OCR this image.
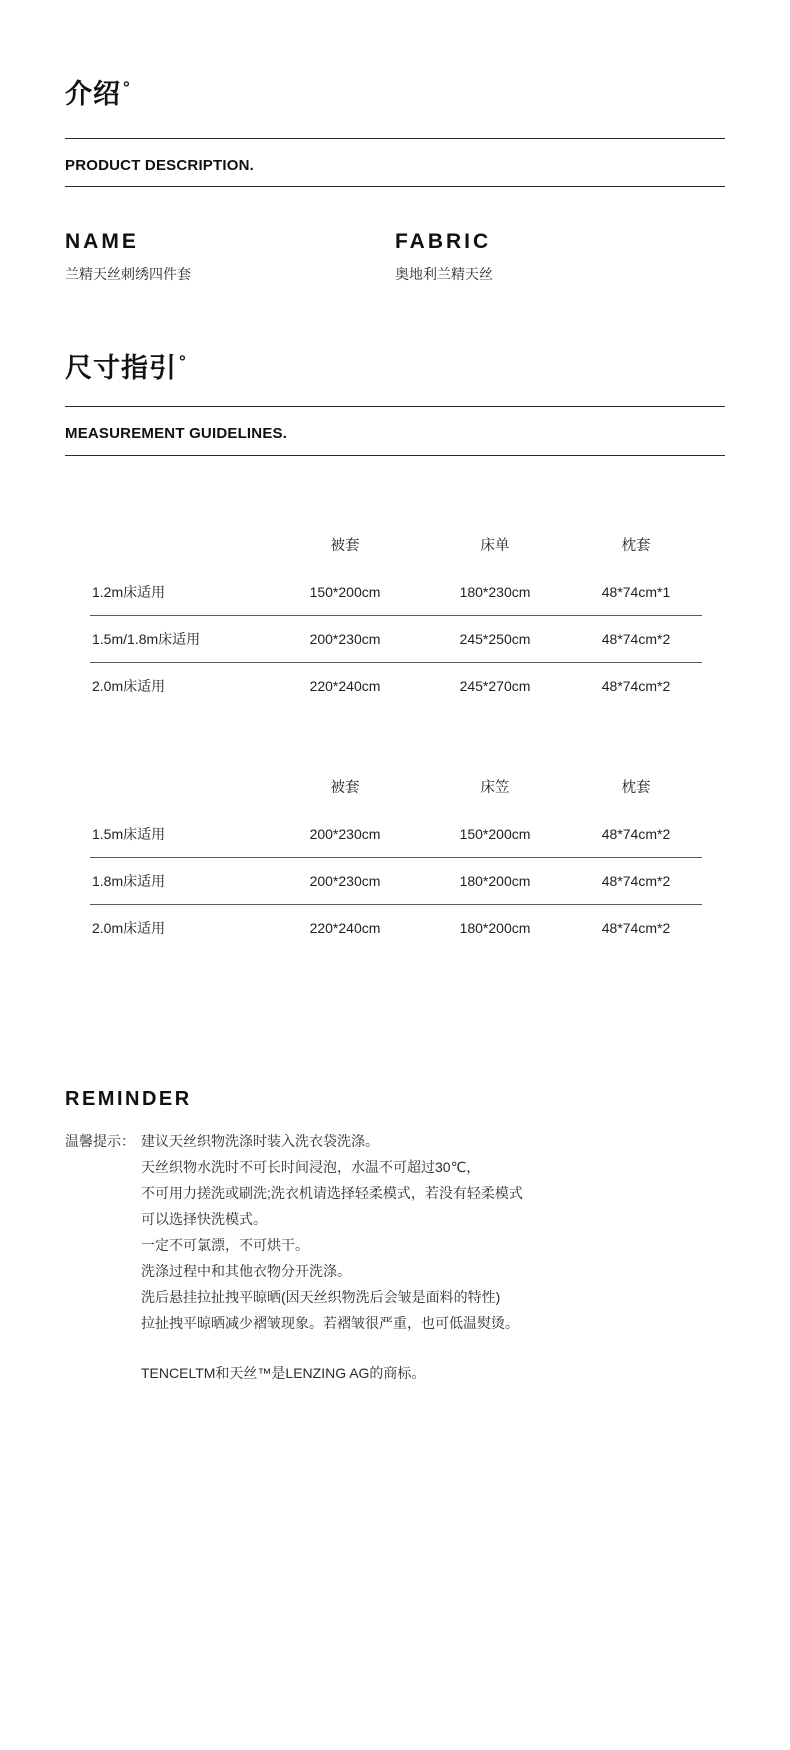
介绍 °
PRODUCT DESCRIPTION.
NAME
兰精天丝刺绣四件套
FABRIC
奥地利兰精天丝
尺寸指引 °
MEASUREMENT GUIDELINES.
	被套	床单	枕套
1.2m床适用	150*200cm	180*230cm	48*74cm*1
1.5m/1.8m床适用	200*230cm	245*250cm	48*74cm*2
2.0m床适用	220*240cm	245*270cm	48*74cm*2
	被套	床笠	枕套
1.5m床适用	200*230cm	150*200cm	48*74cm*2
1.8m床适用	200*230cm	180*200cm	48*74cm*2
2.0m床适用	220*240cm	180*200cm	48*74cm*2
REMINDER
温馨提示： 建议天丝织物洗涤时装入洗衣袋洗涤。
天丝织物水洗时不可长时间浸泡，水温不可超过30℃，
不可用力搓洗或刷洗;洗衣机请选择轻柔模式，若没有轻柔模式
可以选择快洗模式。
一定不可氯漂，不可烘干。
洗涤过程中和其他衣物分开洗涤。
洗后悬挂拉扯拽平晾晒(因天丝织物洗后会皱是面料的特性)
拉扯拽平晾晒减少褶皱现象。若褶皱很严重，也可低温熨烫。
TENCELTM和天丝™是LENZING AG的商标。
